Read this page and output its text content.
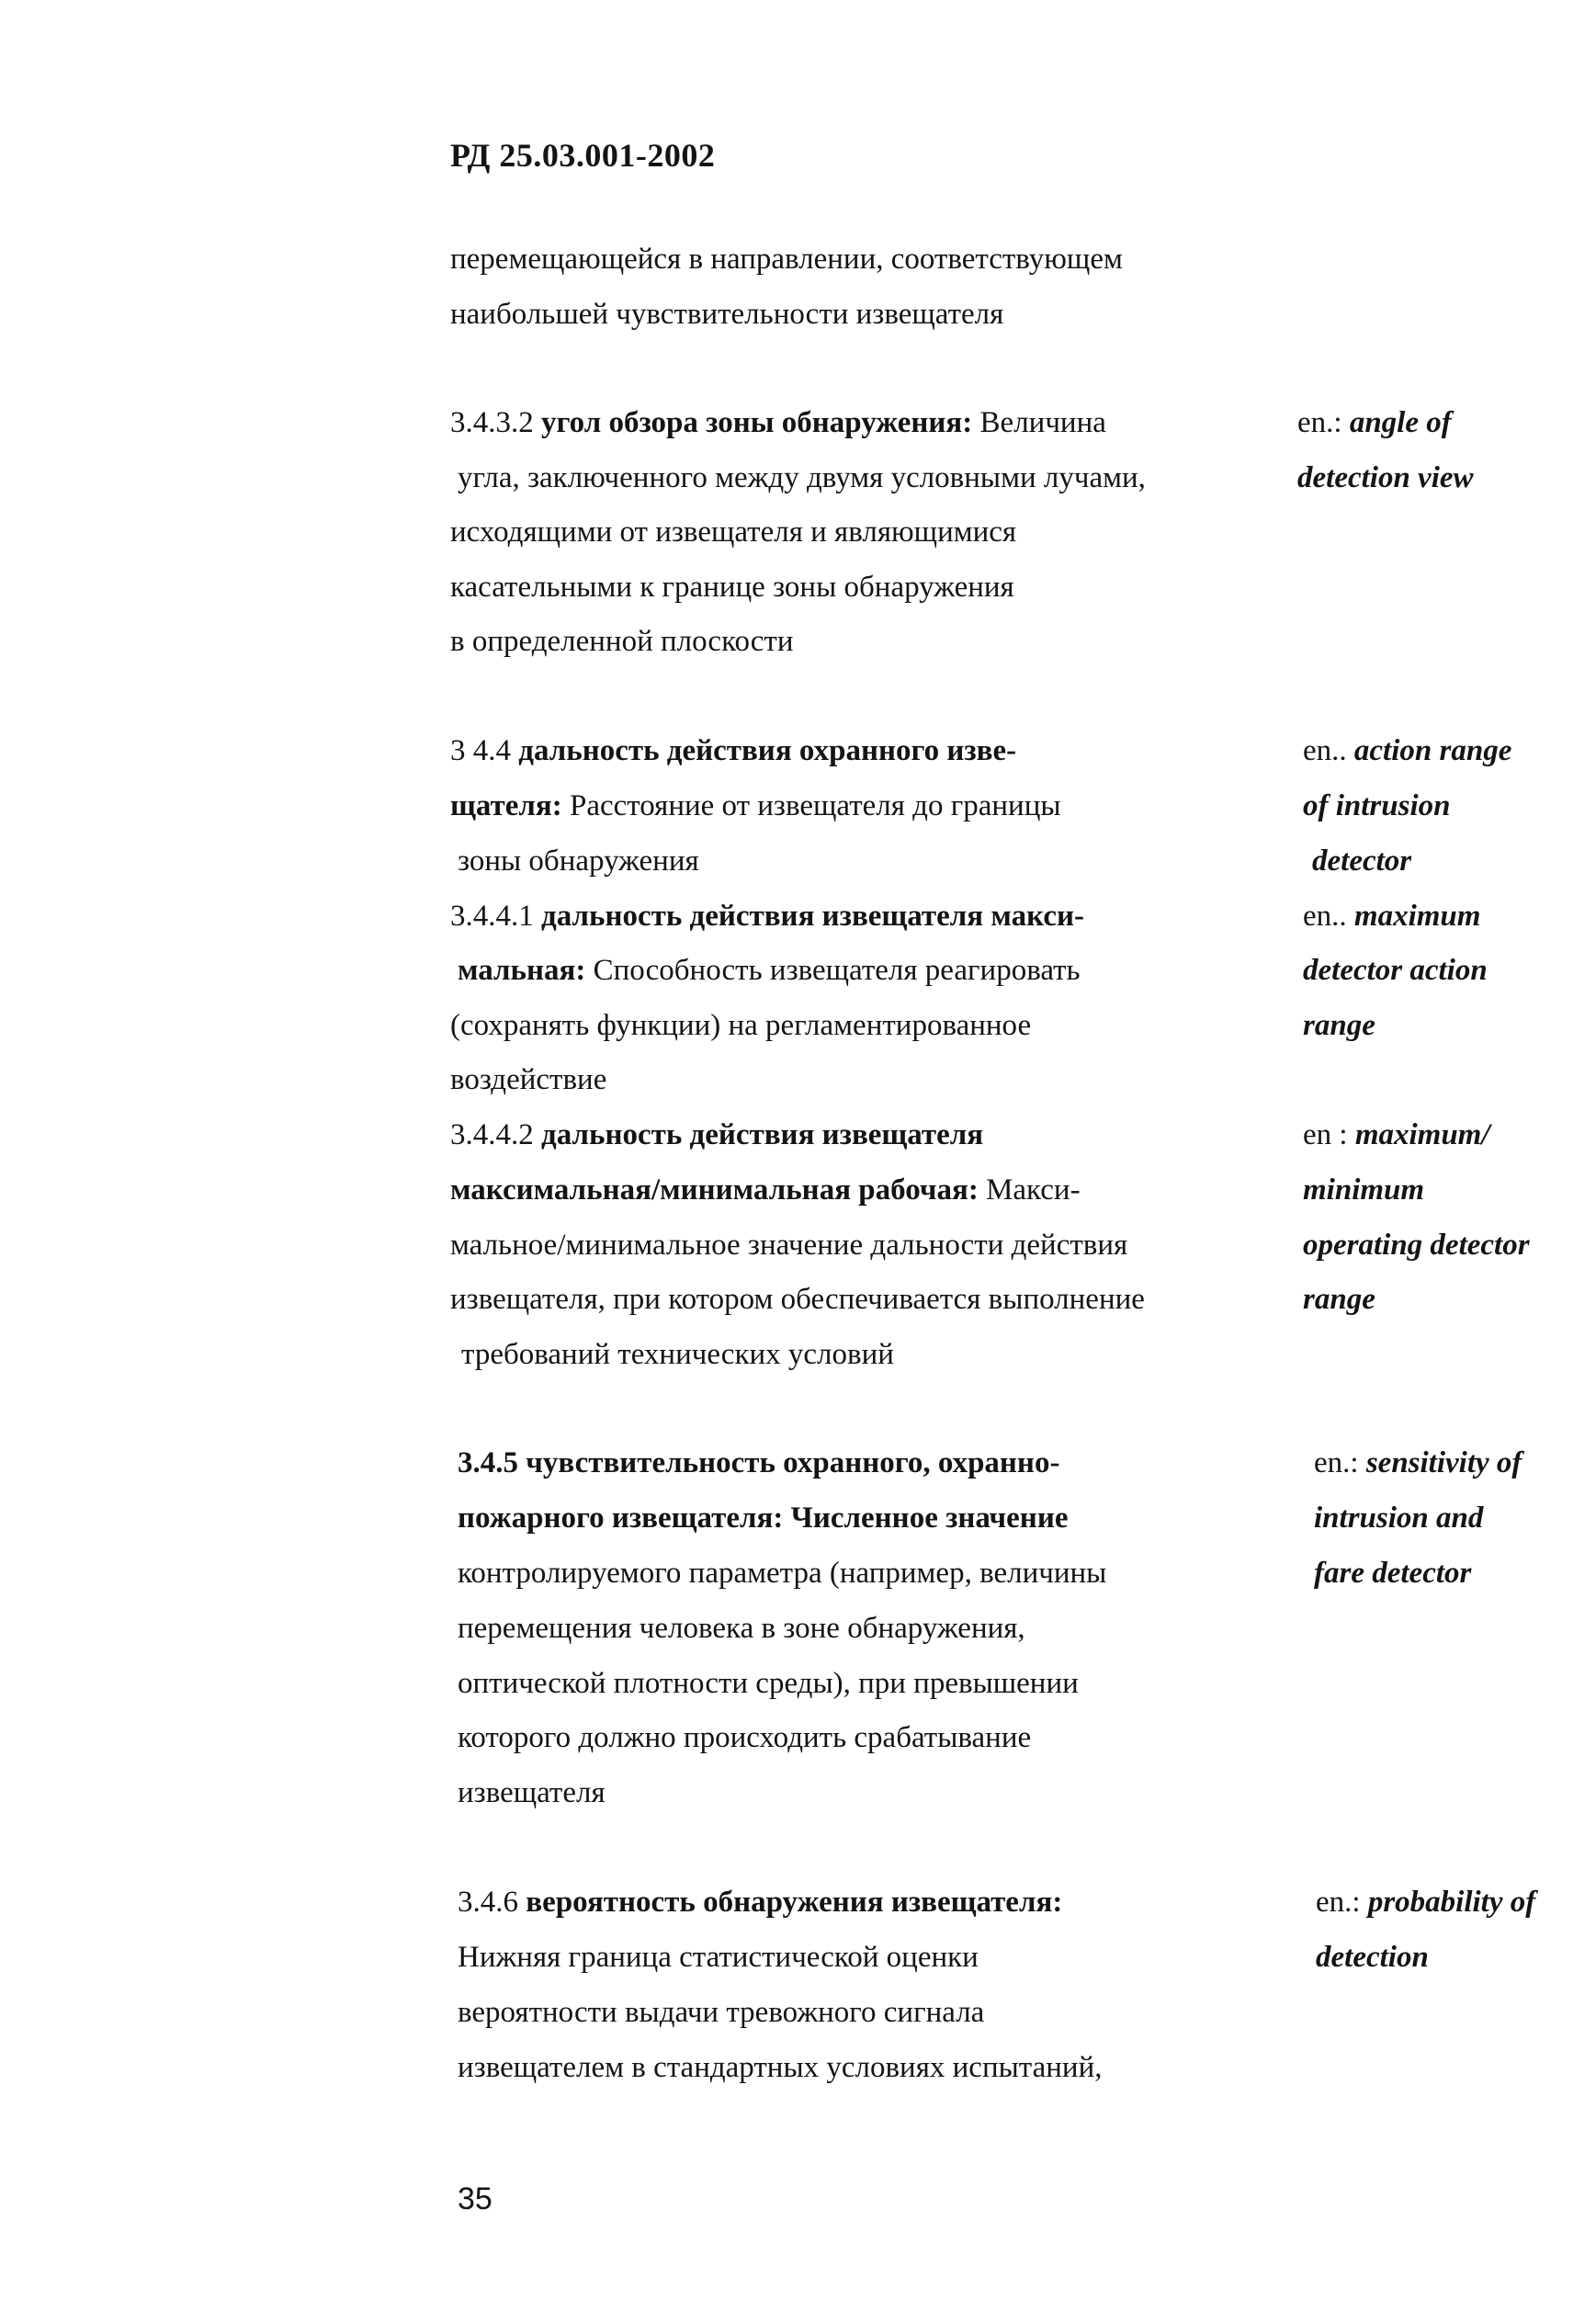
РД 25.03.001-2002
перемещающейся в направлении, соответствующем
наибольшей чувствительности извещателя
3.4.3.2 угол обзора зоны обнаружения: Величина
угла, заключенного между двумя условными лучами,
исходящими от извещателя и являющимися
касательными к границе зоны обнаружения
в определенной плоскости
en.: angle of
detection view
3 4.4 дальность действия охранного изве-
щателя: Расстояние от извещателя до границы
зоны обнаружения
en.. action range
of intrusion
detector
3.4.4.1 дальность действия извещателя макси-
мальная: Способность извещателя реагировать
(сохранять функции) на регламентированное
воздействие
en.. maximum
detector action
range
3.4.4.2 дальность действия извещателя
максимальная/минимальная рабочая: Макси-
мальное/минимальное значение дальности действия
извещателя, при котором обеспечивается выполнение
требований технических условий
en : maximum/
minimum
operating detector
range
3.4.5 чувствительность охранного, охранно-
пожарного извещателя: Численное значение
контролируемого параметра (например, величины
перемещения человека в зоне обнаружения,
оптической плотности среды), при превышении
которого должно происходить срабатывание
извещателя
en.: sensitivity of
intrusion and
fare detector
3.4.6 вероятность обнаружения извещателя:
Нижняя граница статистической оценки
вероятности выдачи тревожного сигнала
извещателем в стандартных условиях испытаний,
en.: probability of
detection
35
